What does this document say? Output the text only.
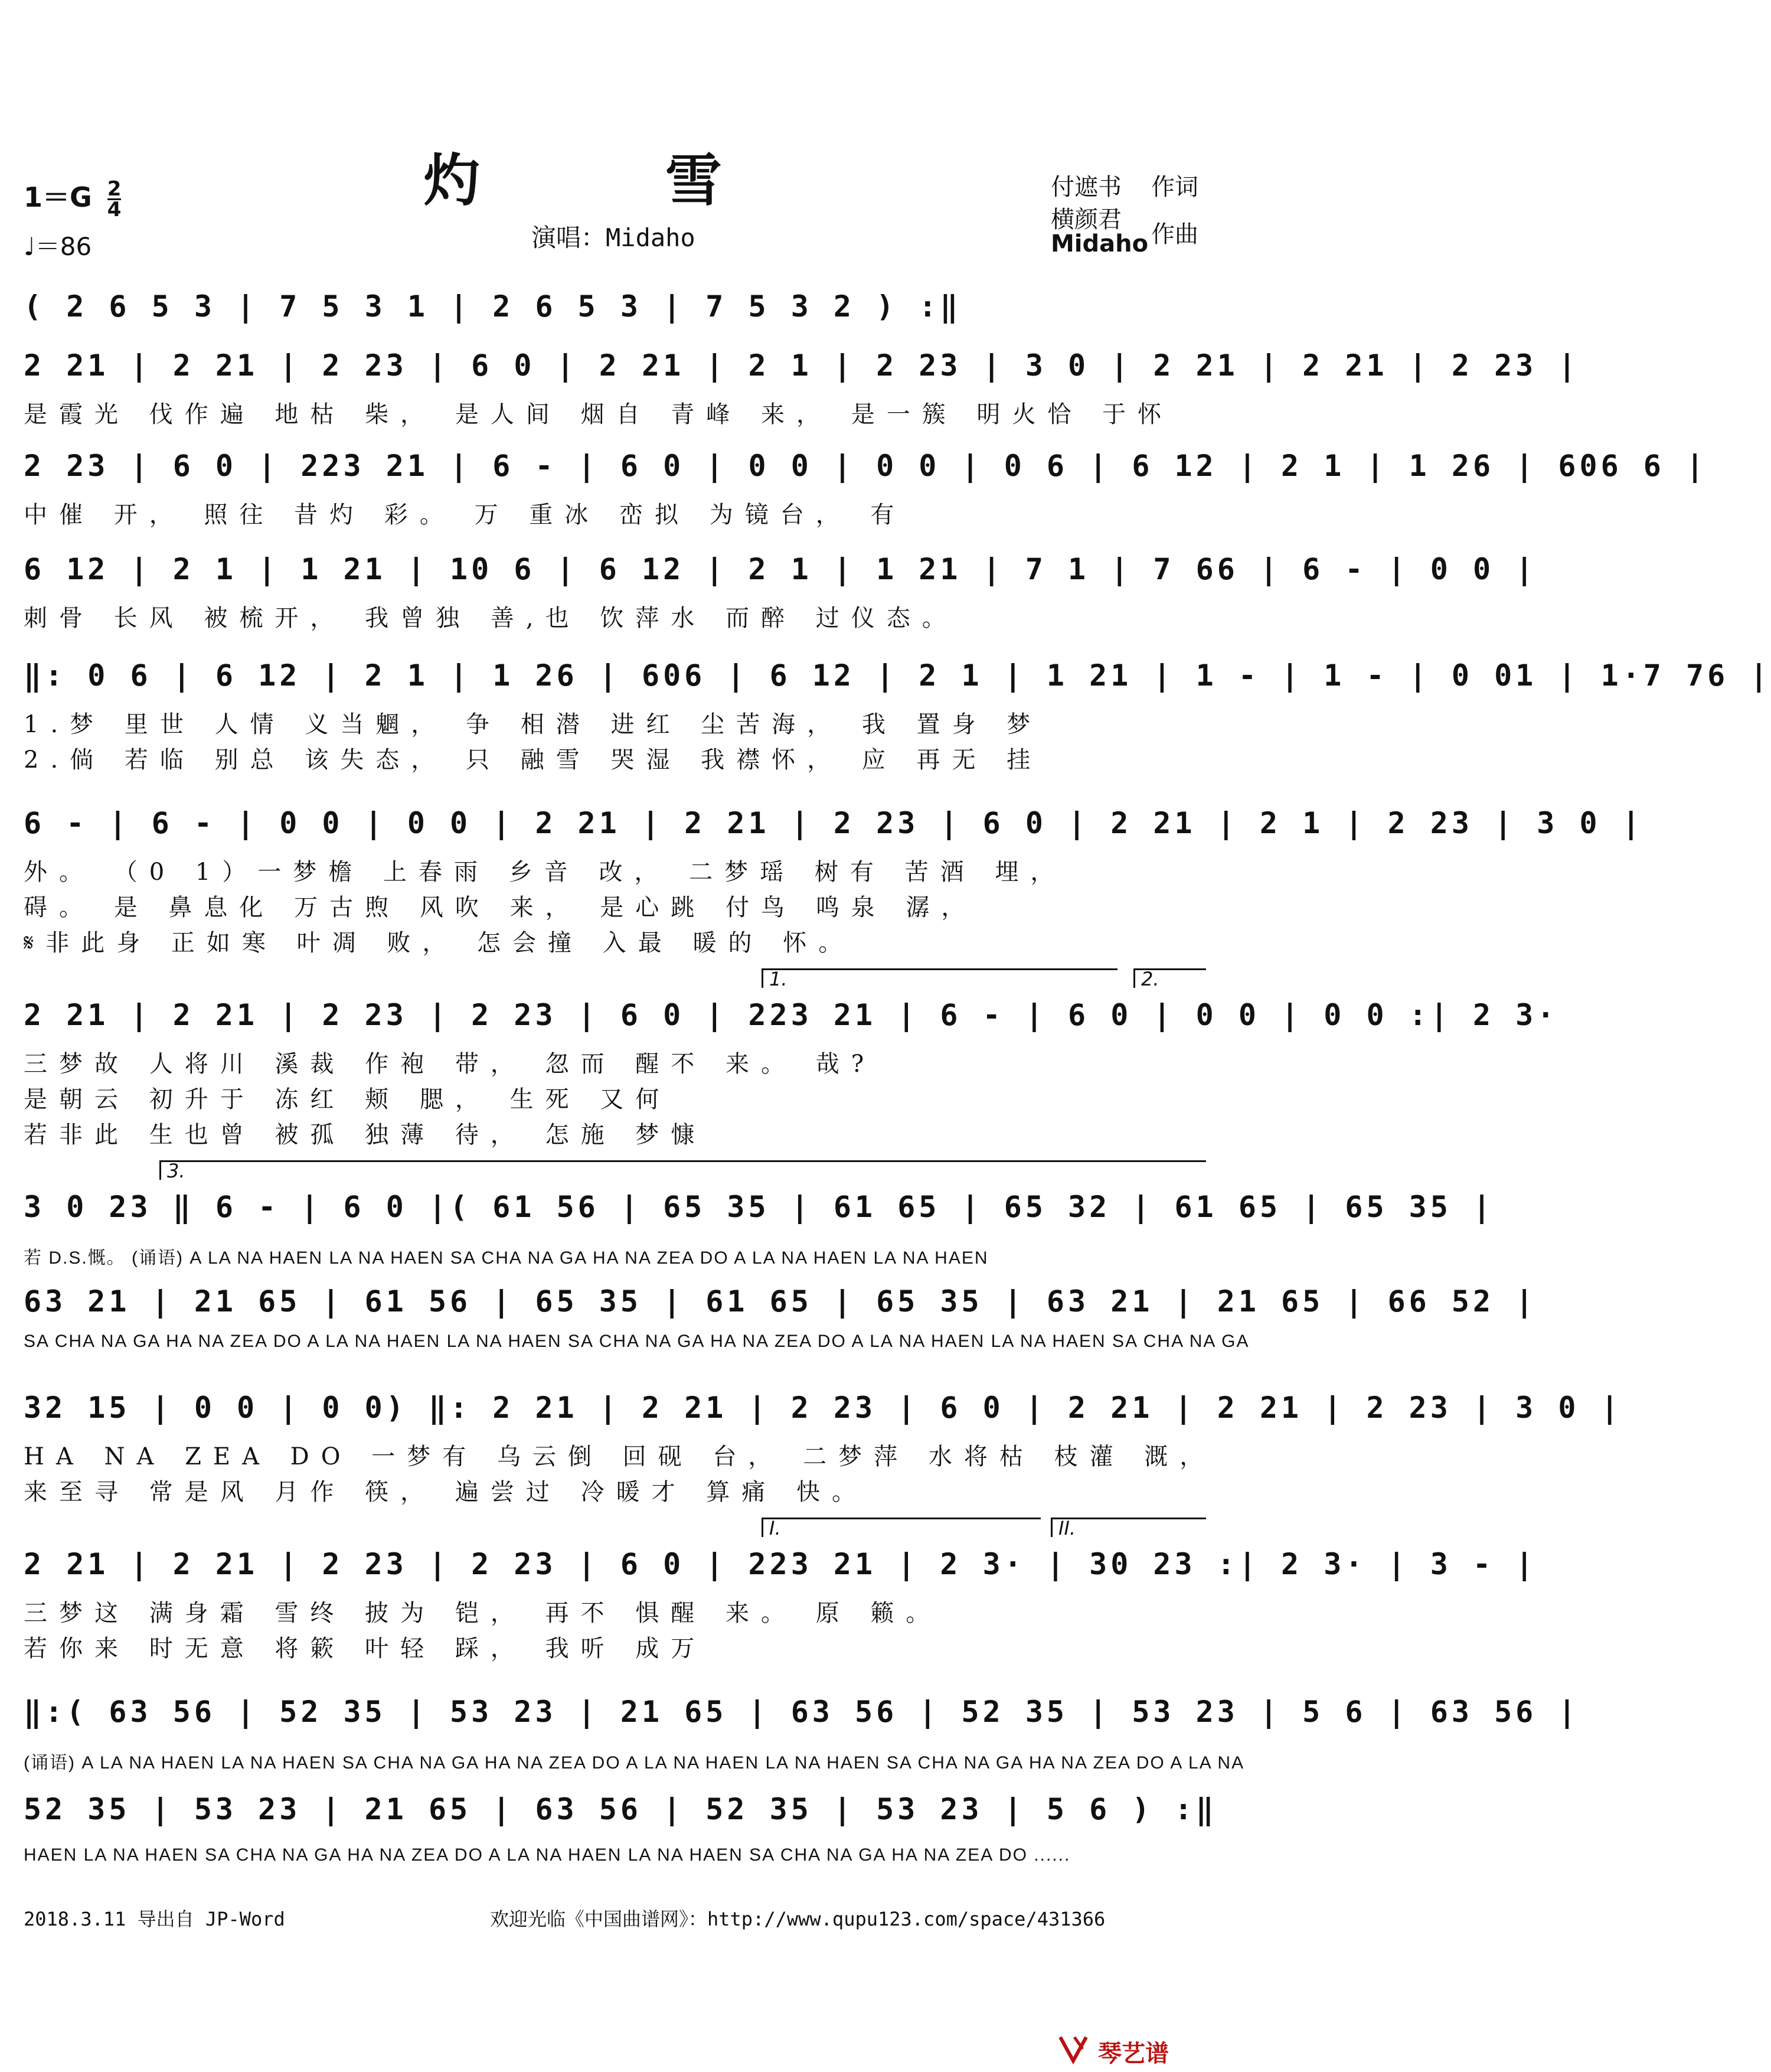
灼 雪
演唱：Midaho
$1=G \frac{2}{4}$
♩＝86
付遮书 作词
横颜君
Midaho 作曲
( 2 6 5 3 | 7 5 3 1 | 2 6 5 3 | 7 5 3 2 ) :‖
2 21 | 2 21 | 2 23 | 6 0 | 2 21 | 2 1 | 2 23 | 3 0 | 2 21 | 2 21 | 2 23 |
是霞光 伐作遍 地枯 柴， 是人间 烟自 青峰 来， 是一簇 明火恰 于怀
2 23 | 6 0 | 223 21 | 6 - | 6 0 | 0 0 | 0 0 | 0 6 | 6 12 | 2 1 | 1 26 | 606 6 |
中催 开， 照往 昔灼 彩。 万 重冰 峦拟 为镜台， 有
6 12 | 2 1 | 1 21 | 10 6 | 6 12 | 2 1 | 1 21 | 7 1 | 7 66 | 6 - | 0 0 |
刺骨 长风 被梳开， 我曾独 善,也 饮萍水 而醉 过仪态。
‖: 0 6 | 6 12 | 2 1 | 1 26 | 606 | 6 12 | 2 1 | 1 21 | 1 - | 1 - | 0 01 | 1·7 76 |
1.梦 里世 人情 义当魍， 争 相潜 进红 尘苦海， 我 置身 梦
2.倘 若临 别总 该失态， 只 融雪 哭湿 我襟怀， 应 再无 挂
6 - | 6 - | 0 0 | 0 0 | 2 21 | 2 21 | 2 23 | 6 0 | 2 21 | 2 1 | 2 23 | 3 0 |
外。 （0 1）一梦檐 上春雨 乡音 改， 二梦瑶 树有 苦酒 埋，
碍。 是 鼻息化 万古煦 风吹 来， 是心跳 付鸟 鸣泉 潺，
𝄋非此身 正如寒 叶凋 败， 怎会撞 入最 暖的 怀。
1.	2.
2 21 | 2 21 | 2 23 | 2 23 | 6 0 | 223 21 | 6 - | 6 0 | 0 0 | 0 0 :| 2 3·
三梦故 人将川 溪裁 作袍 带， 忽而 醒不 来。 哉?
是朝云 初升于 冻红 颊 腮， 生死 又何
若非此 生也曾 被孤 独薄 待， 怎施 梦慷
3.
3 0 23 ‖ 6 - | 6 0 |( 61 56 | 65 35 | 61 65 | 65 32 | 61 65 | 65 35 |
若 D.S.慨。 (诵语) A LA NA HAEN LA NA HAEN SA CHA NA GA HA NA ZEA DO A LA NA HAEN LA NA HAEN
63 21 | 21 65 | 61 56 | 65 35 | 61 65 | 65 35 | 63 21 | 21 65 | 66 52 |
SA CHA NA GA HA NA ZEA DO A LA NA HAEN LA NA HAEN SA CHA NA GA HA NA ZEA DO A LA NA HAEN LA NA HAEN SA CHA NA GA
32 15 | 0 0 | 0 0) ‖: 2 21 | 2 21 | 2 23 | 6 0 | 2 21 | 2 21 | 2 23 | 3 0 |
HA NA ZEA DO 一梦有 乌云倒 回砚 台， 二梦萍 水将枯 枝灌 溉，
来至寻 常是风 月作 筷， 遍尝过 冷暖才 算痛 快。
I.	II.
2 21 | 2 21 | 2 23 | 2 23 | 6 0 | 223 21 | 2 3· | 30 23 :| 2 3· | 3 - |
三梦这 满身霜 雪终 披为 铠， 再不 惧醒 来。 原 籁。
若你来 时无意 将簌 叶轻 踩， 我听 成万
‖:( 63 56 | 52 35 | 53 23 | 21 65 | 63 56 | 52 35 | 53 23 | 5 6 | 63 56 |
(诵语) A LA NA HAEN LA NA HAEN SA CHA NA GA HA NA ZEA DO A LA NA HAEN LA NA HAEN SA CHA NA GA HA NA ZEA DO A LA NA
52 35 | 53 23 | 21 65 | 63 56 | 52 35 | 53 23 | 5 6 ) :‖
HAEN LA NA HAEN SA CHA NA GA HA NA ZEA DO A LA NA HAEN LA NA HAEN SA CHA NA GA HA NA ZEA DO ......
2018.3.11 导出自 JP-Word	欢迎光临《中国曲谱网》：http://www.qupu123.com/space/431366
琴艺谱
